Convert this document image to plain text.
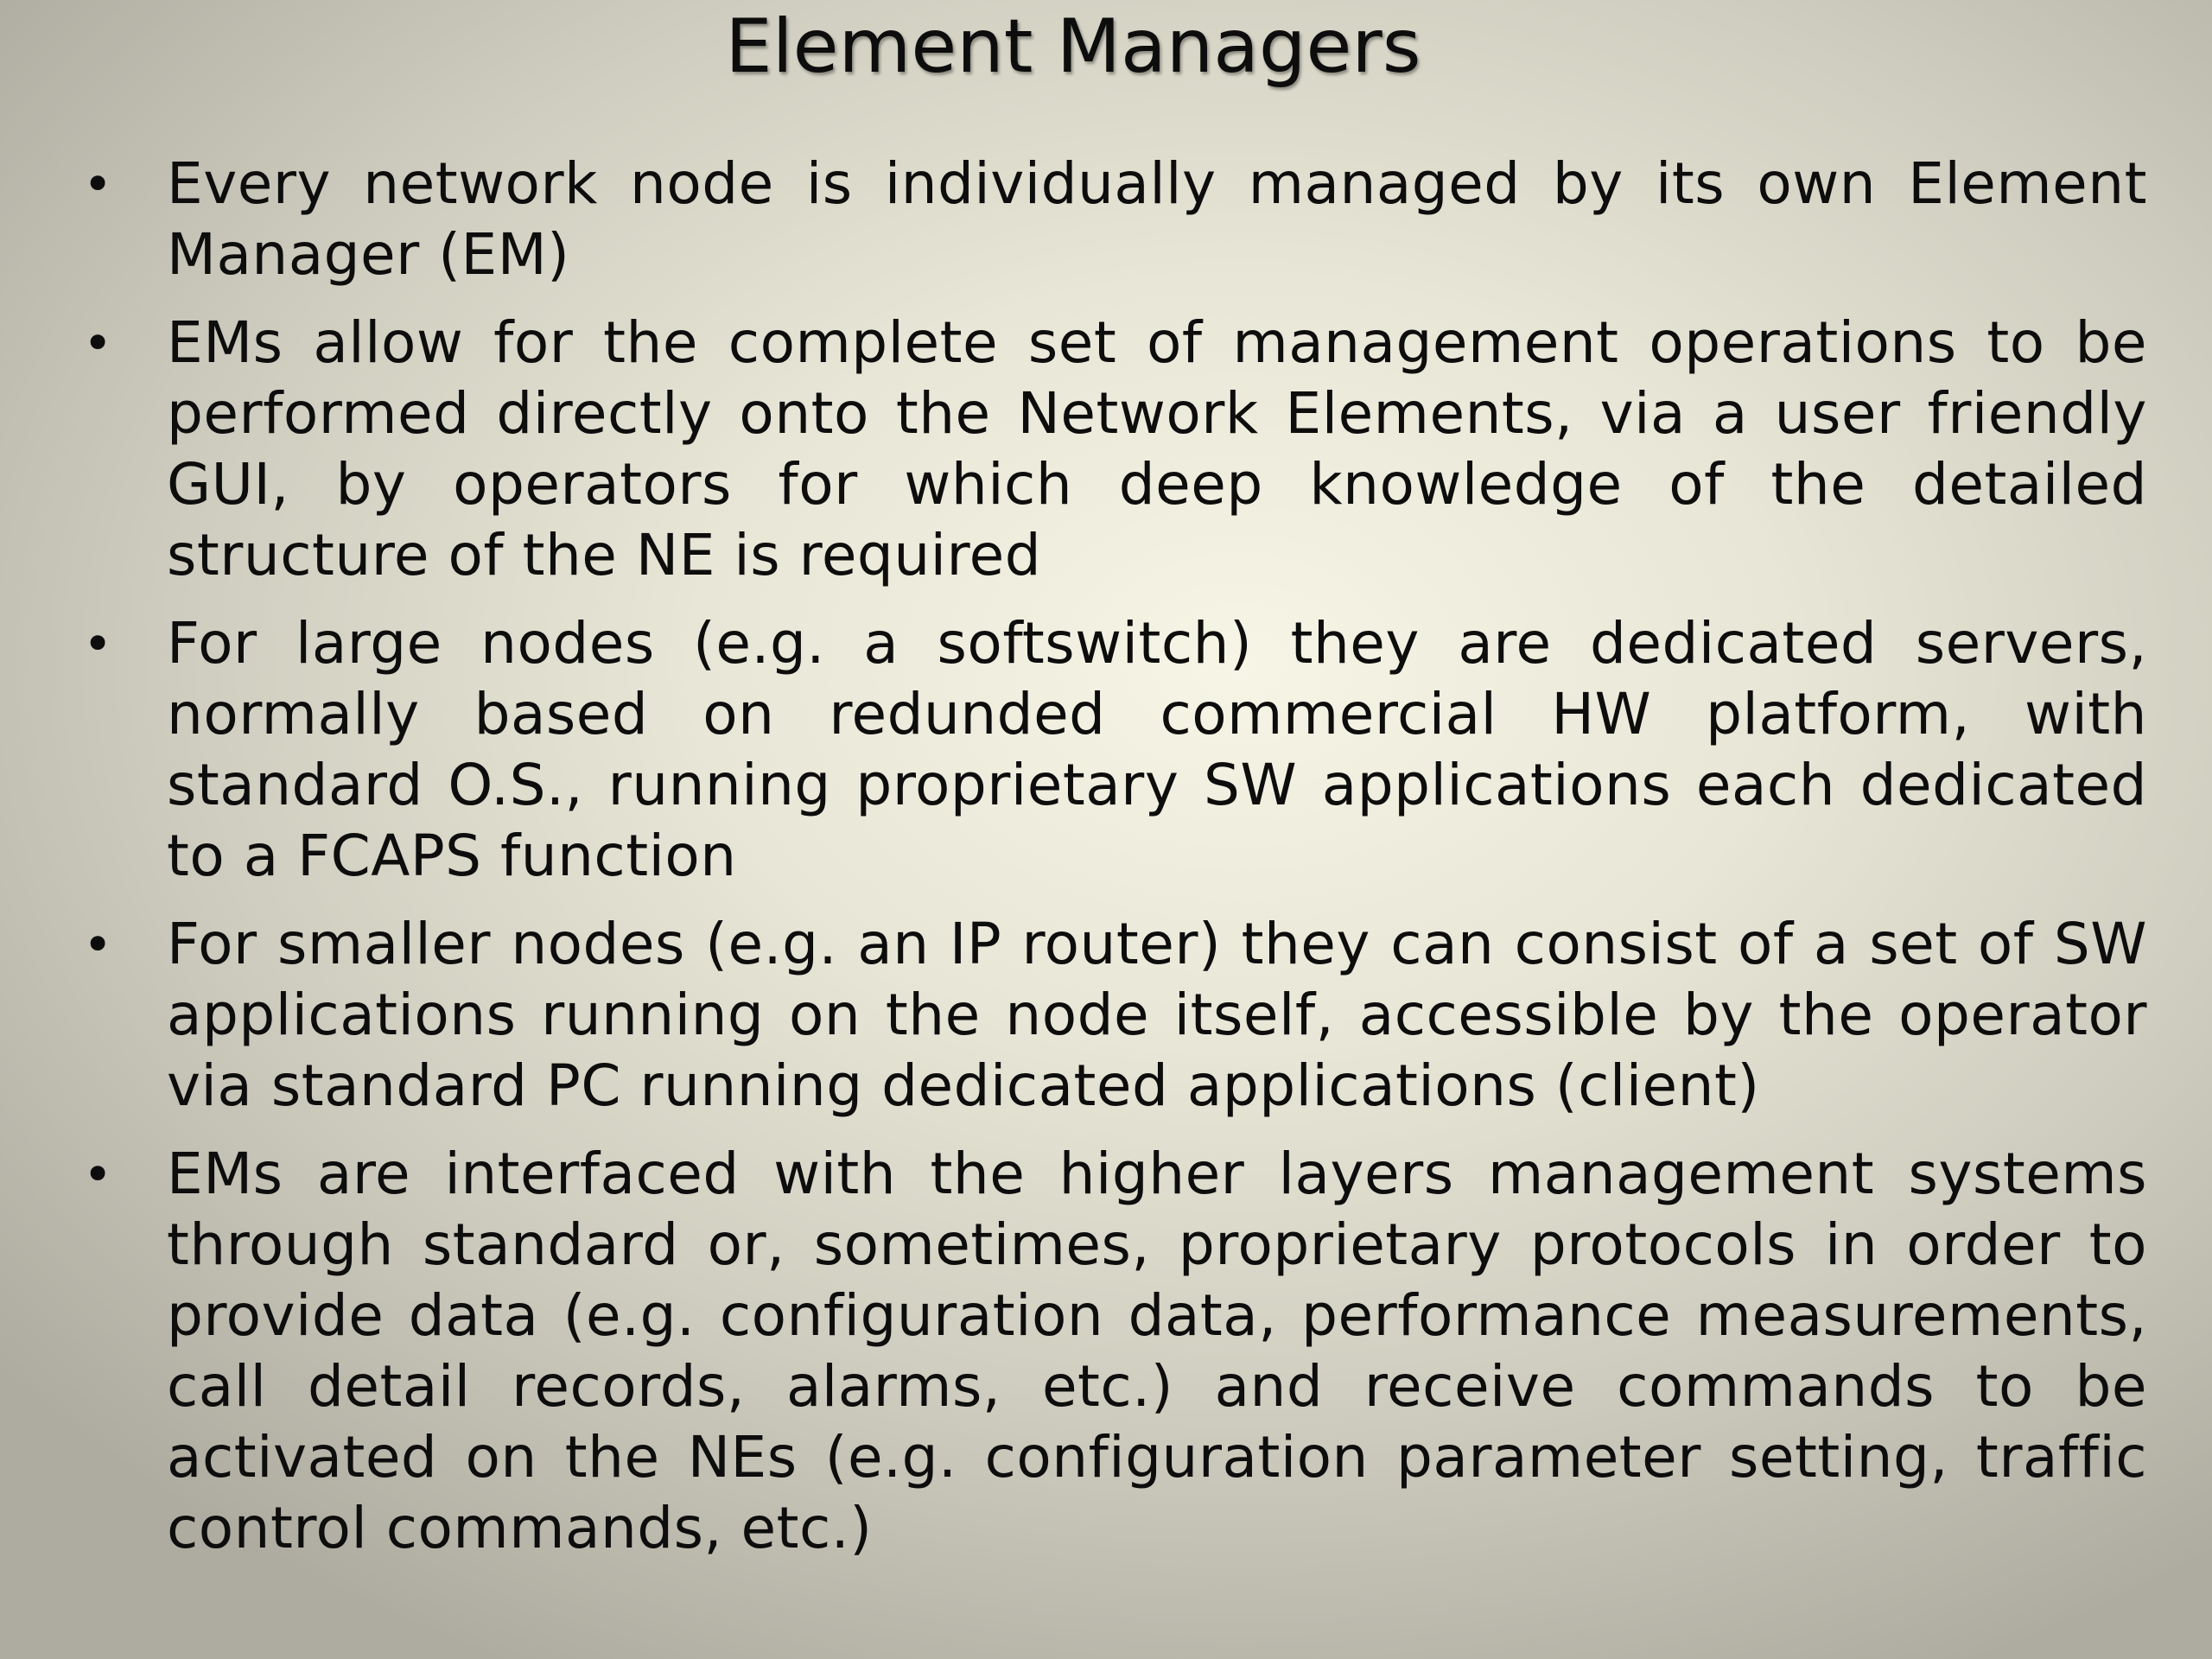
Element Managers
• Every network node is individually managed by its own Element Manager (EM)
• EMs allow for the complete set of management operations to be performed directly onto the Network Elements, via a user friendly GUI, by operators for which deep knowledge of the detailed structure of the NE is required
• For large nodes (e.g. a softswitch) they are dedicated servers, normally based on redunded commercial HW platform, with standard O.S., running proprietary SW applications each dedicated to a FCAPS function
• For smaller nodes (e.g. an IP router) they can consist of a set of SW applications running on the node itself, accessible by the operator via standard PC running dedicated applications (client)
• EMs are interfaced with the higher layers management systems through standard or, sometimes, proprietary protocols in order to provide data (e.g. configuration data, performance measurements, call detail records, alarms, etc.) and receive commands to be activated on the NEs (e.g. configuration parameter setting, traffic control commands, etc.)
